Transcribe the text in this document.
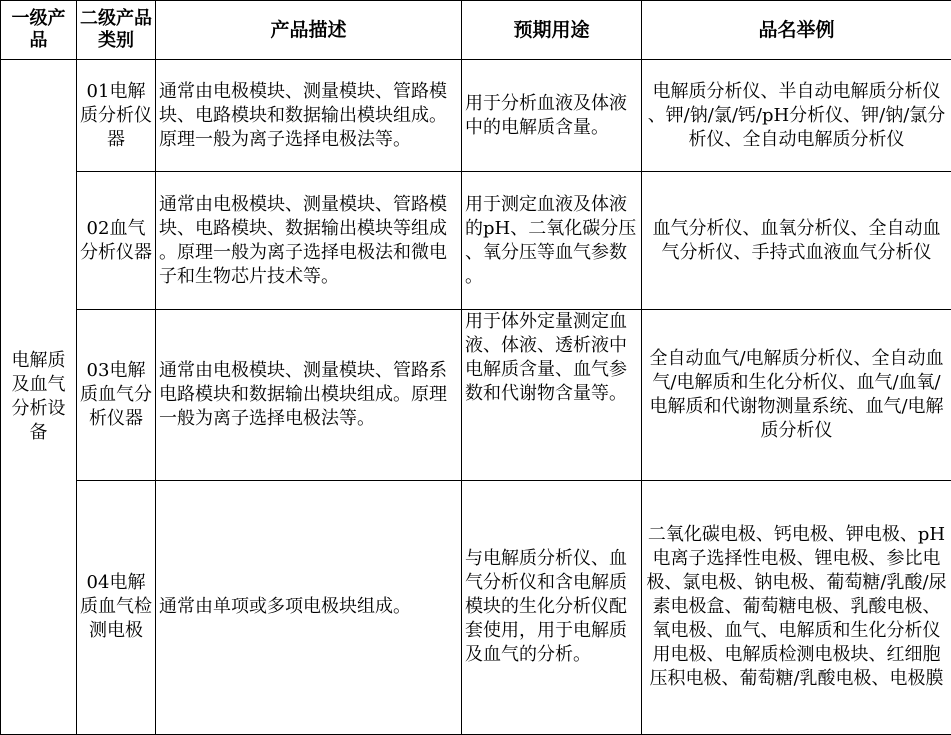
一级产品	二级产品类别	产品描述	预期用途	品名举例
电解质及血气分析设备	01电解质分析仪器	通常由电极模块、测量模块、管路模块、电路模块和数据输出模块组成。原理一般为离子选择电极法等。	用于分析血液及体液中的电解质含量。	电解质分析仪、半自动电解质分析仪、钾/钠/氯/钙/pH分析仪、钾/钠/氯分析仪、全自动电解质分析仪
	02血气分析仪器	通常由电极模块、测量模块、管路模块、电路模块、数据输出模块等组成。原理一般为离子选择电极法和微电子和生物芯片技术等。	用于测定血液及体液的pH、二氧化碳分压、氧分压等血气参数。	血气分析仪、血氧分析仪、全自动血气分析仪、手持式血液血气分析仪
	03电解质血气分析仪器	通常由电极模块、测量模块、管路系电路模块和数据输出模块组成。原理一般为离子选择电极法等。	用于体外定量测定血液、体液、透析液中电解质含量、血气参数和代谢物含量等。	全自动血气/电解质分析仪、全自动血气/电解质和生化分析仪、血气/血氧/电解质和代谢物测量系统、血气/电解质分析仪
	04电解质血气检测电极	通常由单项或多项电极块组成。	与电解质分析仪、血气分析仪和含电解质模块的生化分析仪配套使用，用于电解质及血气的分析。	二氧化碳电极、钙电极、钾电极、pH电离子选择性电极、锂电极、参比电极、氯电极、钠电极、葡萄糖/乳酸/尿素电极盒、葡萄糖电极、乳酸电极、氧电极、血气、电解质和生化分析仪用电极、电解质检测电极块、红细胞压积电极、葡萄糖/乳酸电极、电极膜
